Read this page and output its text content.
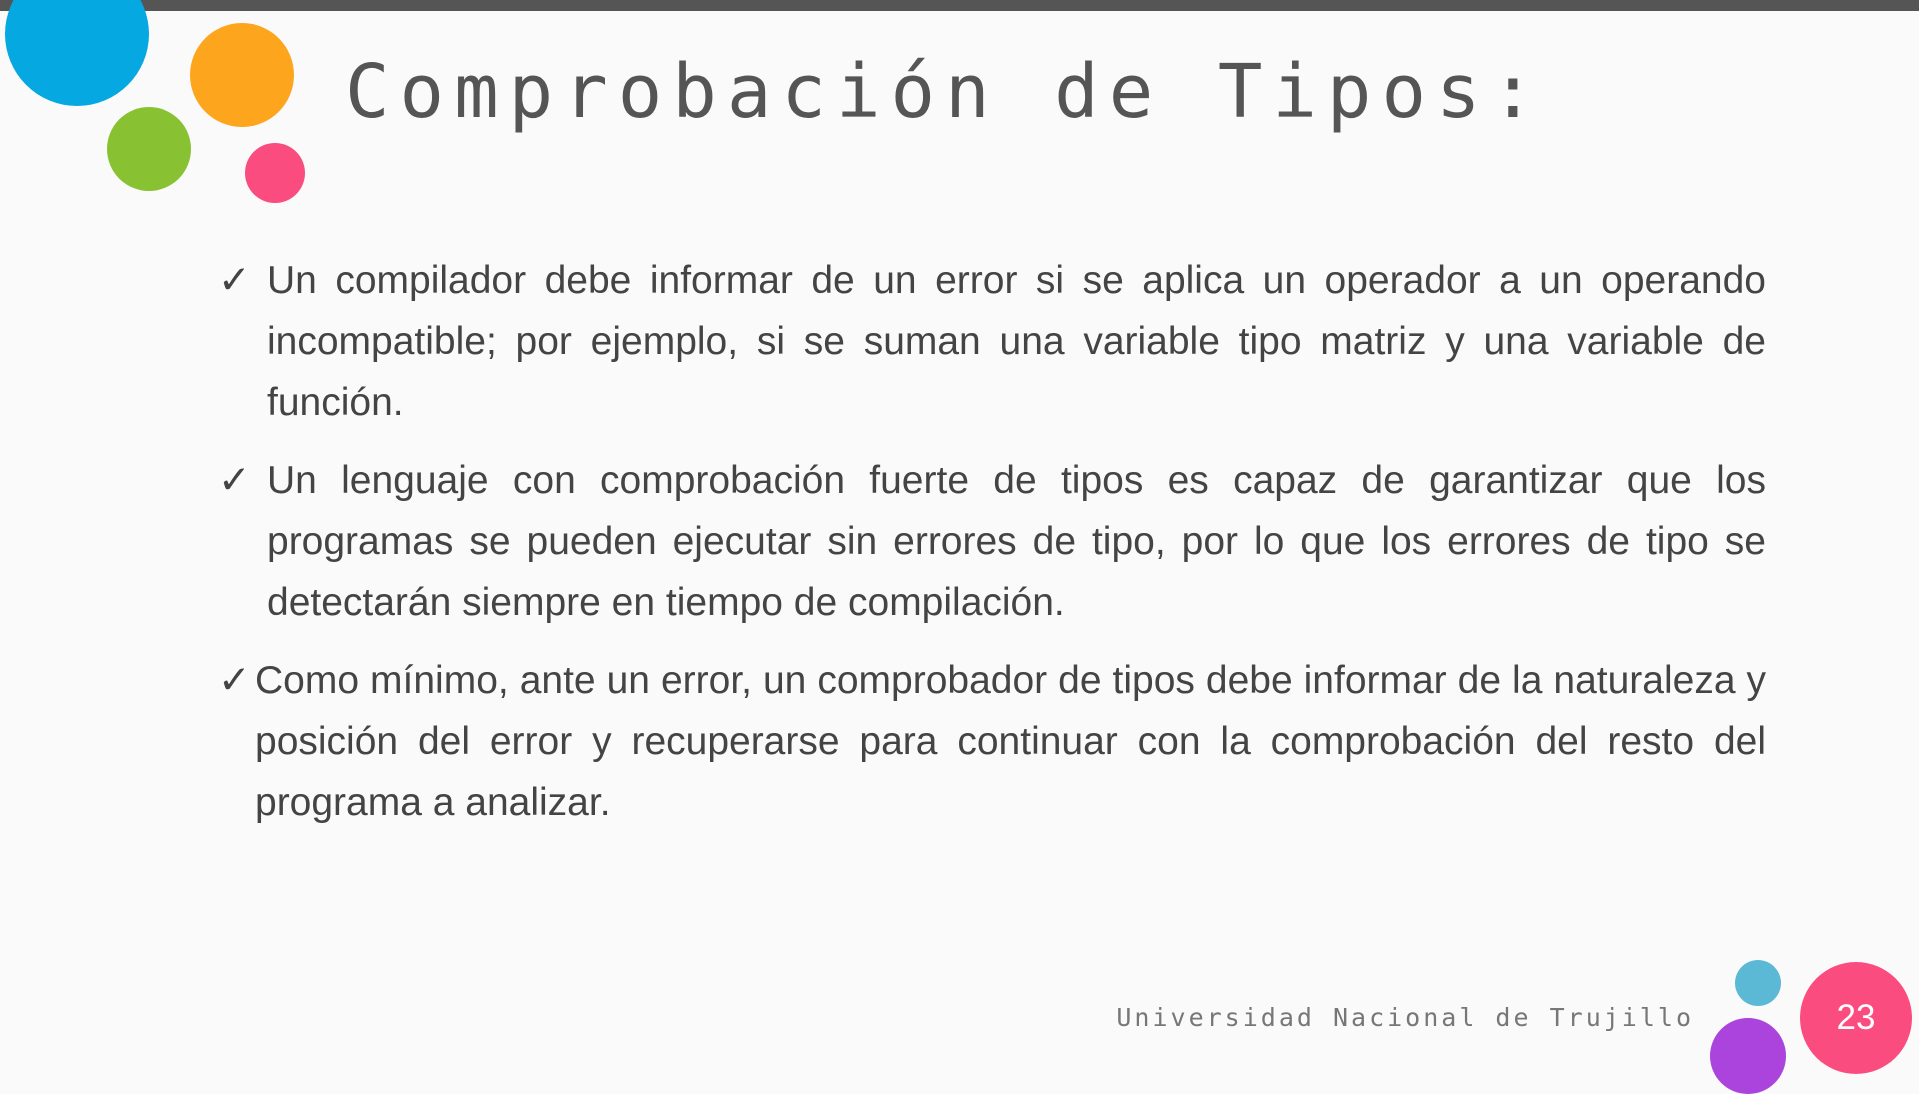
Comprobación de Tipos:
✓ Un compilador debe informar de un error si se aplica un operador a un operando incompatible; por ejemplo, si se suman una variable tipo matriz y una variable de función.
✓ Un lenguaje con comprobación fuerte de tipos es capaz de garantizar que los programas se pueden ejecutar sin errores de tipo, por lo que los errores de tipo se detectarán siempre en tiempo de compilación.
✓ Como mínimo, ante un error, un comprobador de tipos debe informar de la naturaleza y posición del error y recuperarse para continuar con la comprobación del resto del programa a analizar.
Universidad Nacional de Trujillo	23
